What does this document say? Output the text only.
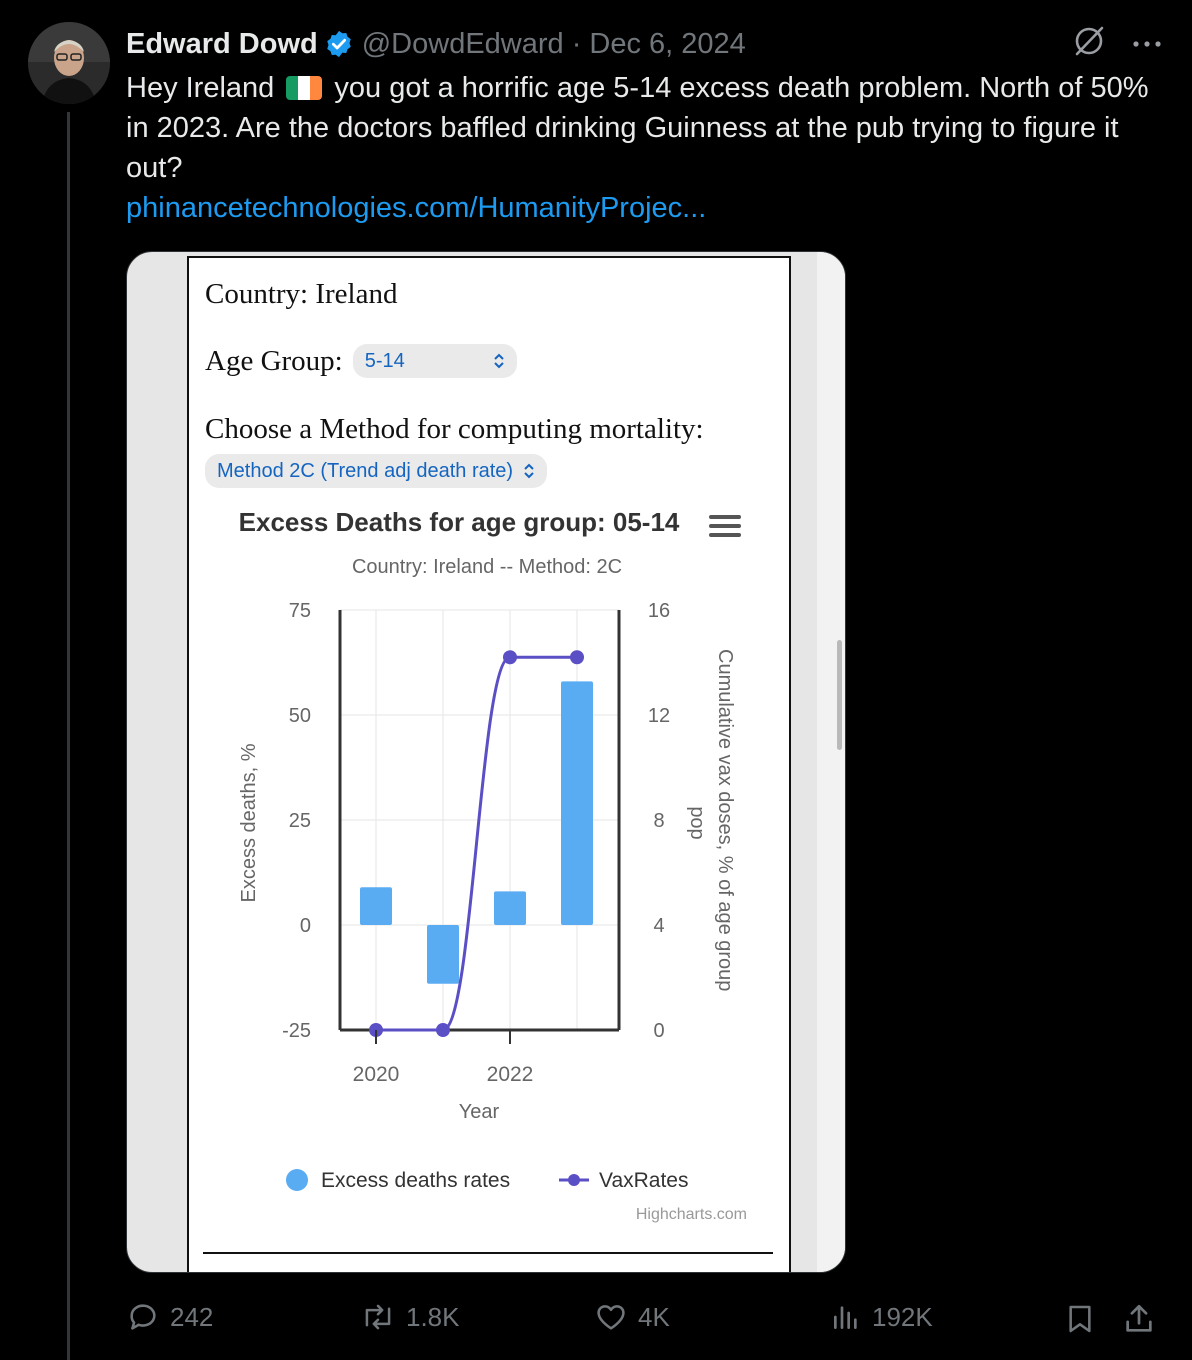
Edward Dowd @DowdEdward · Dec 6, 2024
Hey Ireland
you got a horrific age 5-14 excess death problem. North of 50% in 2023. Are the doctors baffled drinking Guinness at the pub trying to figure it out?
phinancetechnologies.com/HumanityProjec...
Country: Ireland
Age Group: 5-14
Choose a Method for computing mortality:
Method 2C (Trend adj death rate)
Excess Deaths for age group: 05-14
Country: Ireland -- Method: 2C
75	16
50	12
25	8
0	4
-25	0
2020	2022
Year
Excess deaths, %	Cumulative vax doses, % of age group pop
Excess deaths rates	VaxRates
Highcharts.com
242	1.8K	4K	192K
